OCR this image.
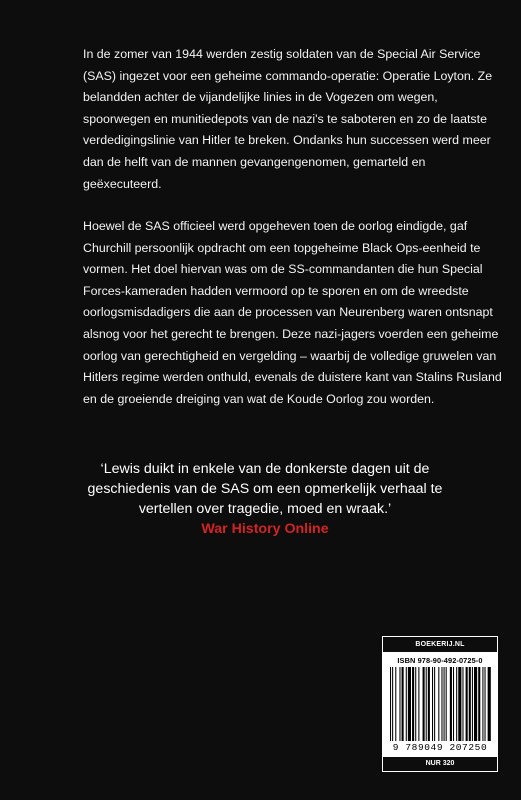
In de zomer van 1944 werden zestig soldaten van de Special Air Service (SAS) ingezet voor een geheime commando-operatie: Operatie Loyton. Ze belandden achter de vijandelijke linies in de Vogezen om wegen, spoorwegen en munitiedepots van de nazi's te saboteren en zo de laatste verdedigingslinie van Hitler te breken. Ondanks hun successen werd meer dan de helft van de mannen gevangengenomen, gemarteld en geëxecuteerd.

Hoewel de SAS officieel werd opgeheven toen de oorlog eindigde, gaf Churchill persoonlijk opdracht om een topgeheime Black Ops-eenheid te vormen. Het doel hiervan was om de SS-commandanten die hun Special Forces-kameraden hadden vermoord op te sporen en om de wreedste oorlogsmisdadigers die aan de processen van Neurenberg waren ontsnapt alsnog voor het gerecht te brengen. Deze nazi-jagers voerden een geheime oorlog van gerechtigheid en vergelding – waarbij de volledige gruwelen van Hitlers regime werden onthuld, evenals de duistere kant van Stalins Rusland en de groeiende dreiging van wat de Koude Oorlog zou worden.

‘Lewis duikt in enkele van de donkerste dagen uit de geschiedenis van de SAS om een opmerkelijk verhaal te vertellen over tragedie, moed en wraak.’
War History Online
BOEKERIJ.NL
ISBN 978-90-492-0725-0
9 789049 207250
NUR 320
